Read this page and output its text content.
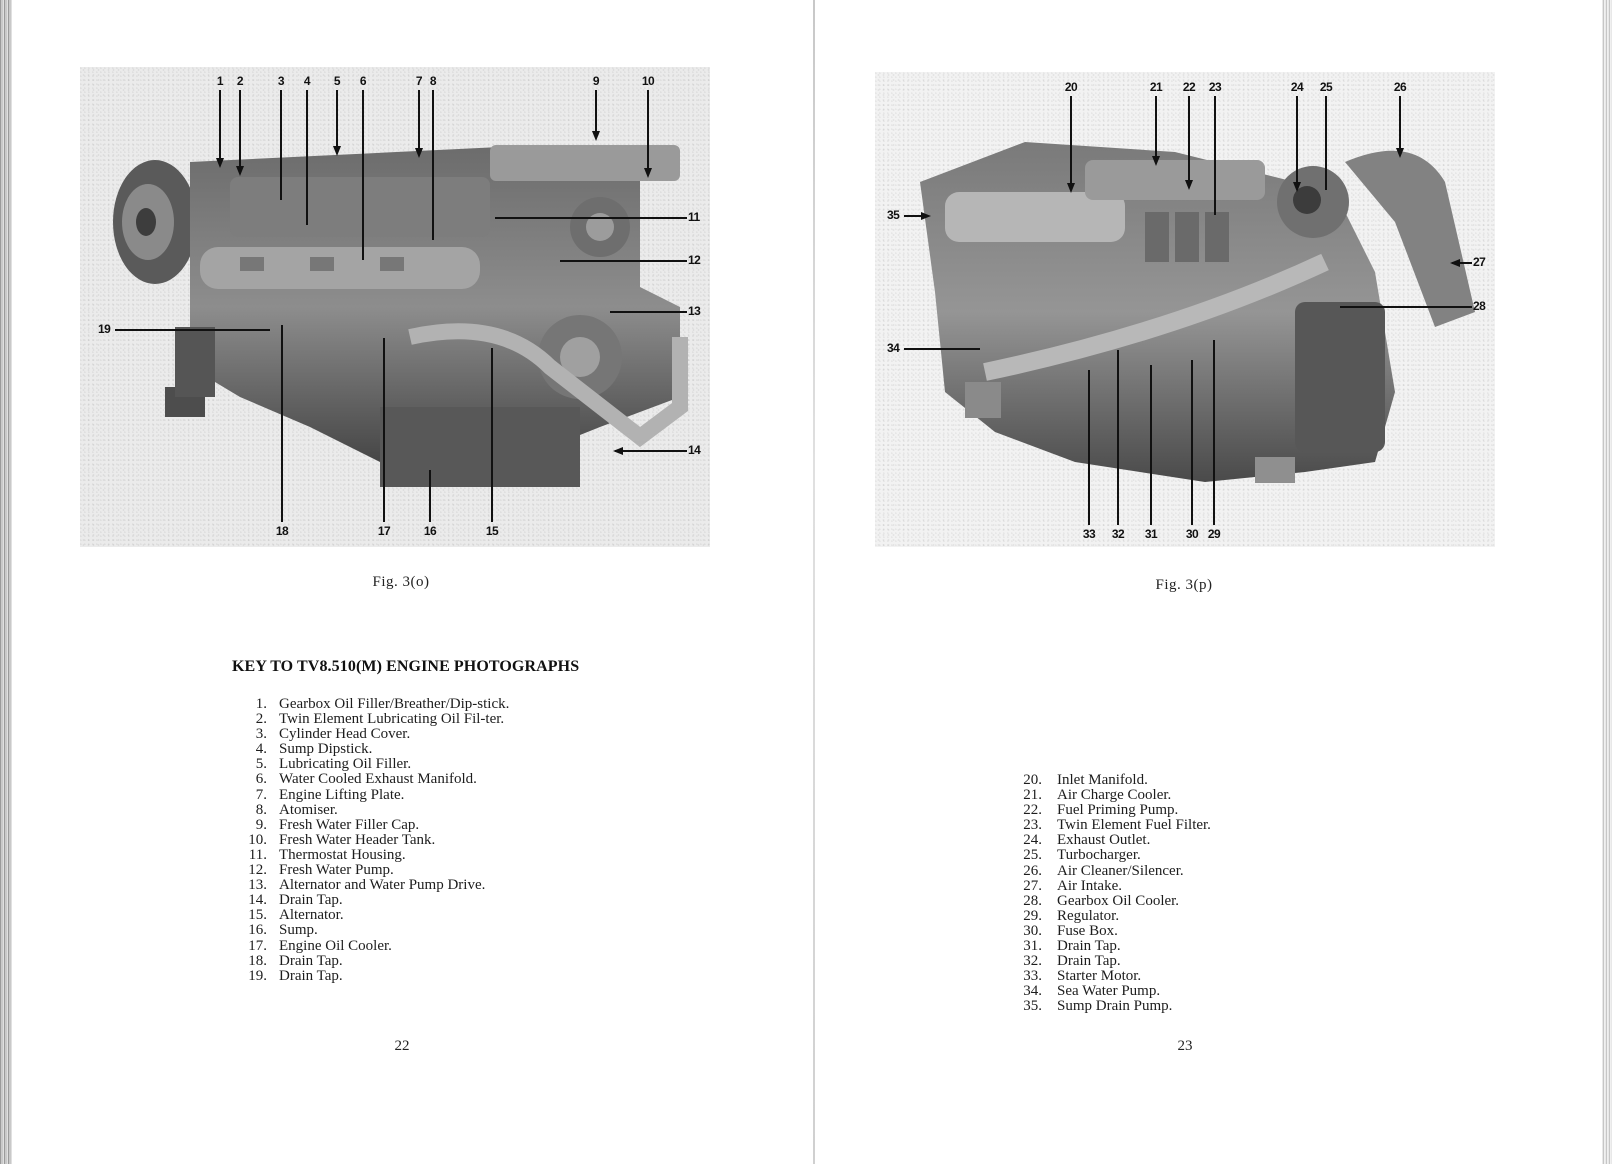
1 2	3 4 5 6	7 8	9	10
18	17	16	15
11
12
13
14
19
Fig. 3(o)
KEY TO TV8.510(M) ENGINE PHOTOGRAPHS
1. Gearbox Oil Filler/Breather/Dip-stick.
2. Twin Element Lubricating Oil Fil-ter.
3. Cylinder Head Cover.
4. Sump Dipstick.
5. Lubricating Oil Filler.
6. Water Cooled Exhaust Manifold.
7. Engine Lifting Plate.
8. Atomiser.
9. Fresh Water Filler Cap.
10. Fresh Water Header Tank.
11. Thermostat Housing.
12. Fresh Water Pump.
13. Alternator and Water Pump Drive.
14. Drain Tap.
15. Alternator.
16. Sump.
17. Engine Oil Cooler.
18. Drain Tap.
19. Drain Tap.
22
20	21 22 23	24 25	26
33 32 31 30 29
27
28
35
34
Fig. 3(p)
20.	Inlet Manifold.
21.	Air Charge Cooler.
22.	Fuel Priming Pump.
23.	Twin Element Fuel Filter.
24.	Exhaust Outlet.
25.	Turbocharger.
26.	Air Cleaner/Silencer.
27.	Air Intake.
28.	Gearbox Oil Cooler.
29.	Regulator.
30.	Fuse Box.
31.	Drain Tap.
32.	Drain Tap.
33.	Starter Motor.
34.	Sea Water Pump.
35.	Sump Drain Pump.
23
